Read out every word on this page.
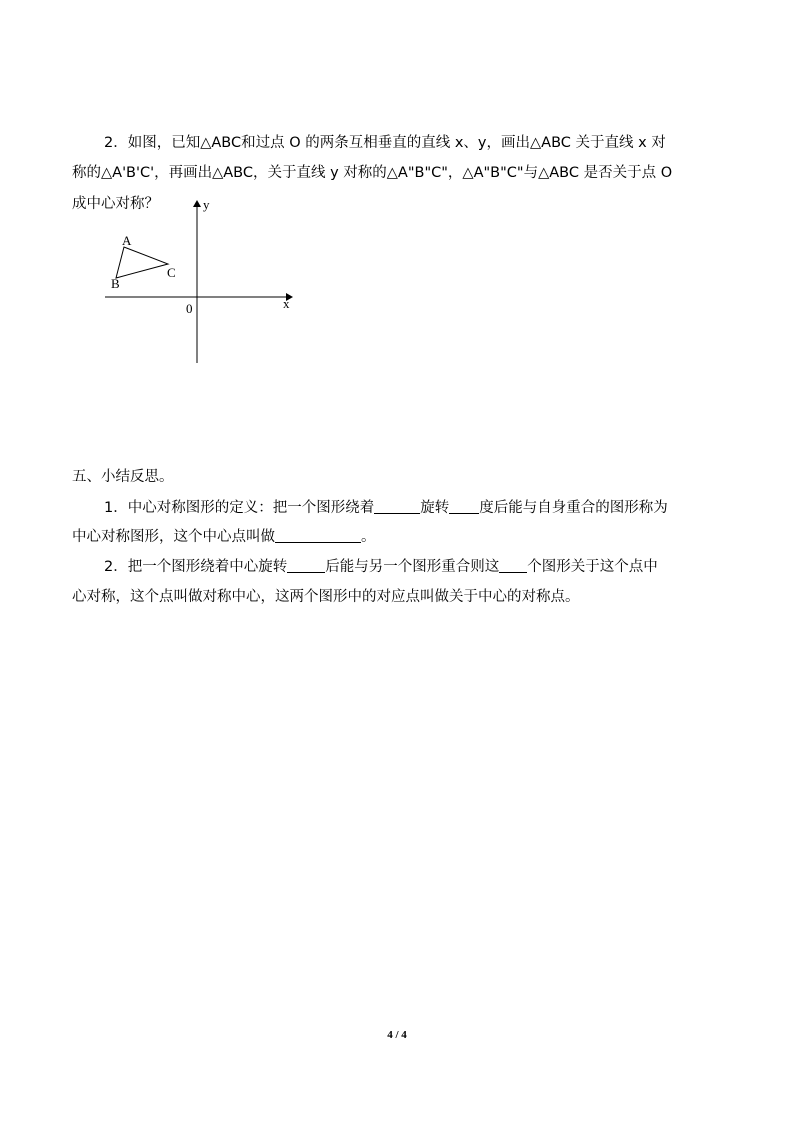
2．如图，已知△ABC和过点 O 的两条互相垂直的直线 x、y，画出△ABC 关于直线 x 对
称的△A'B'C'，再画出△ABC，关于直线 y 对称的△A"B"C"，△A"B"C"与△ABC 是否关于点 O
成中心对称？
A
B
C
0	x
y
五、小结反思。
1．中心对称图形的定义：把一个图形绕着	旋转 度后能与自身重合的图形称为
中心对称图形，这个中心点叫做	。
2．把一个图形绕着中心旋转	后能与另一个图形重合则这 个图形关于这个点中
心对称，这个点叫做对称中心，这两个图形中的对应点叫做关于中心的对称点。
4 / 4
